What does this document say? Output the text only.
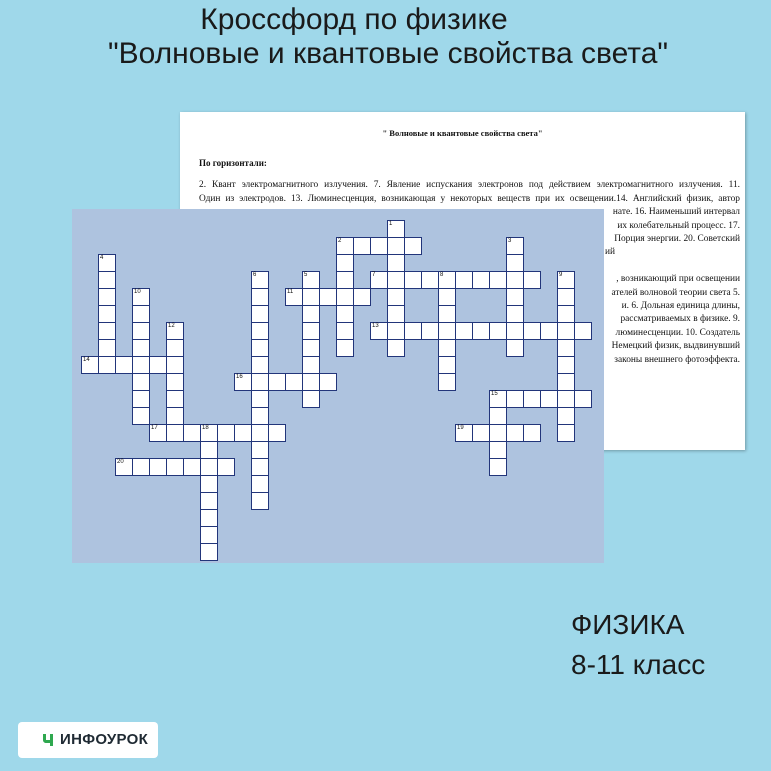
Кроссфорд по физике
"Волновые и квантовые свойства света"
" Волновые и квантовые свойства света"
По горизонтали:
2. Квант электромагнитного излучения. 7. Явление испускания электронов под действием электромагнитного излучения. 11.
Один из электродов. 13. Люминесценция, возникающая у некоторых веществ при их освещении.14. Английский физик, автор
нате. 16. Наименьший интервал
их колебательный процесс. 17.
Порция энергии. 20. Советский
ий
, возникающий при освещении
ателей волновой теории света 5.
и. 6. Дольная единица длины,
рассматриваемых в физике. 9.
люминесценции. 10. Создатель
Немецкий физик, выдвинувший
законы внешнего фотоэффекта.
1
2	3
4
5
6	7	8	9
10	11
12	13
14
15
16
17	18	19
20
ФИЗИКА
8-11 класс
ИНФОУРОК
